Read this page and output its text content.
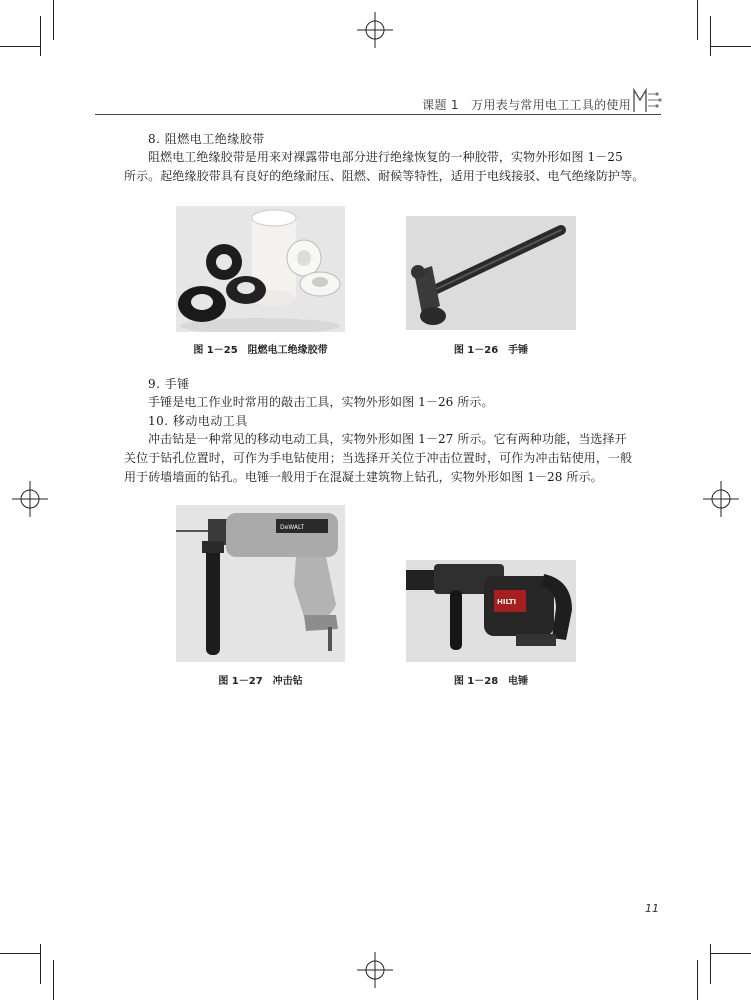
课题 1　万用表与常用电工工具的使用
8. 阻燃电工绝缘胶带
阻燃电工绝缘胶带是用来对裸露带电部分进行绝缘恢复的一种胶带，实物外形如图 1－25
所示。起绝缘胶带具有良好的绝缘耐压、阻燃、耐候等特性，适用于电线接驳、电气绝缘防护等。
图 1－25　阻燃电工绝缘胶带	图 1－26　手锤
9. 手锤
手锤是电工作业时常用的敲击工具，实物外形如图 1－26 所示。
10. 移动电动工具
冲击钻是一种常见的移动电动工具，实物外形如图 1－27 所示。它有两种功能，当选择开
关位于钻孔位置时，可作为手电钻使用；当选择开关位于冲击位置时，可作为冲击钻使用，一般
用于砖墙墙面的钻孔。电锤一般用于在混凝土建筑物上钻孔，实物外形如图 1－28 所示。
DeWALT
图 1－27　冲击钻
HILTI
图 1－28　电锤
11
